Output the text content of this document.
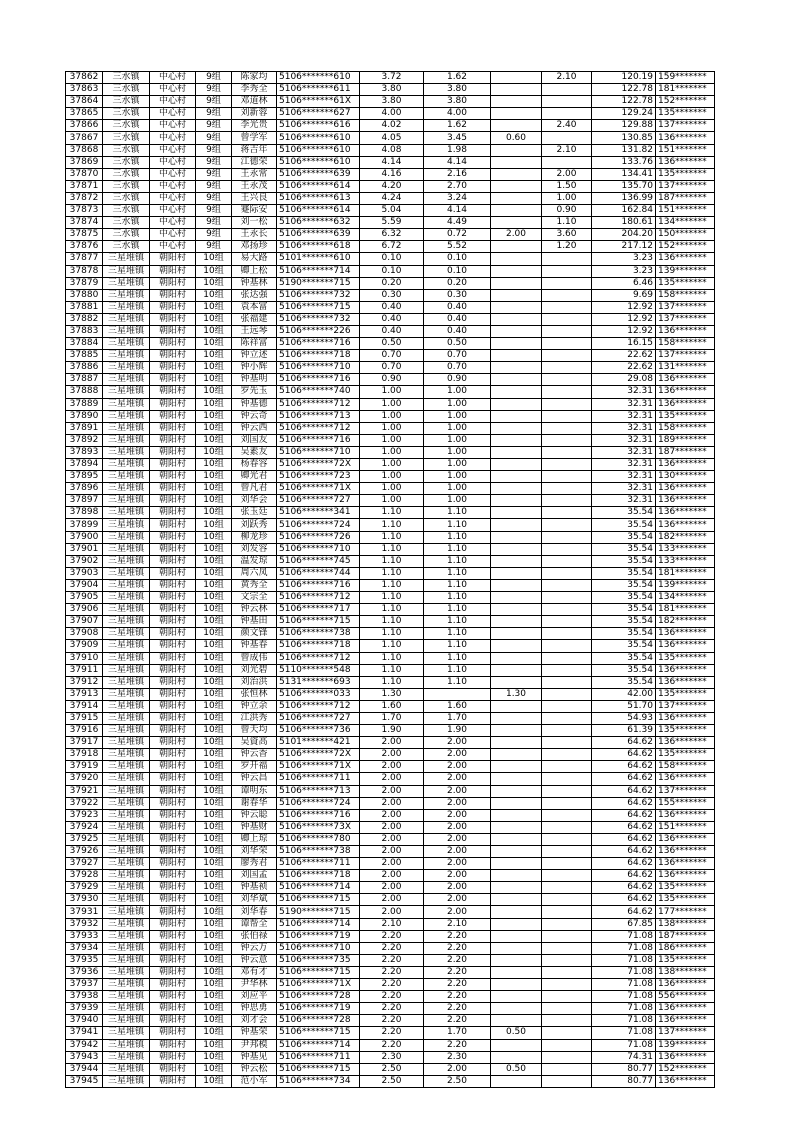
37862	三水镇	中心村	9组	陈家均	5106*******610	3.72	1.62		2.10	120.19	159*******
37863	三水镇	中心村	9组	李秀全	5106*******611	3.80	3.80			122.78	181*******
37864	三水镇	中心村	9组	邓道林	5106*******61X	3.80	3.80			122.78	152*******
37865	三水镇	中心村	9组	刘新蓉	5106*******627	4.00	4.00			129.24	135*******
37866	三水镇	中心村	9组	李光贵	5106*******616	4.02	1.62		2.40	129.88	137*******
37867	三水镇	中心村	9组	曾学军	5106*******610	4.05	3.45	0.60		130.85	136*******
37868	三水镇	中心村	9组	蒋吉年	5106*******610	4.08	1.98		2.10	131.82	151*******
37869	三水镇	中心村	9组	江德荣	5106*******610	4.14	4.14			133.76	136*******
37870	三水镇	中心村	9组	王永常	5106*******639	4.16	2.16		2.00	134.41	135*******
37871	三水镇	中心村	9组	王永茂	5106*******614	4.20	2.70		1.50	135.70	137*******
37872	三水镇	中心村	9组	王兴良	5106*******613	4.24	3.24		1.00	136.99	187*******
37873	三水镇	中心村	9组	蹇际安	5106*******614	5.04	4.14		0.90	162.84	151*******
37874	三水镇	中心村	9组	刘一松	5106*******632	5.59	4.49		1.10	180.61	134*******
37875	三水镇	中心村	9组	王永长	5106*******639	6.32	0.72	2.00	3.60	204.20	150*******
37876	三水镇	中心村	9组	邓扬珍	5106*******618	6.72	5.52		1.20	217.12	152*******
37877	三星堆镇	朝阳村	10组	易大路	5101*******610	0.10	0.10			3.23	136*******
37878	三星堆镇	朝阳村	10组	卿上松	5106*******714	0.10	0.10			3.23	139*******
37879	三星堆镇	朝阳村	10组	钟基林	5190*******715	0.20	0.20			6.46	135*******
37880	三星堆镇	朝阳村	10组	张达强	5106*******732	0.30	0.30			9.69	158*******
37881	三星堆镇	朝阳村	10组	袁本富	5106*******715	0.40	0.40			12.92	137*******
37882	三星堆镇	朝阳村	10组	张福建	5106*******732	0.40	0.40			12.92	137*******
37883	三星堆镇	朝阳村	10组	王远琴	5106*******226	0.40	0.40			12.92	136*******
37884	三星堆镇	朝阳村	10组	陈祥富	5106*******716	0.50	0.50			16.15	158*******
37885	三星堆镇	朝阳村	10组	钟立述	5106*******718	0.70	0.70			22.62	137*******
37886	三星堆镇	朝阳村	10组	钟小辉	5106*******710	0.70	0.70			22.62	131*******
37887	三星堆镇	朝阳村	10组	钟基明	5106*******716	0.90	0.90			29.08	136*******
37888	三星堆镇	朝阳村	10组	罗先玉	5106*******740	1.00	1.00			32.31	136*******
37889	三星堆镇	朝阳村	10组	钟基德	5106*******712	1.00	1.00			32.31	136*******
37890	三星堆镇	朝阳村	10组	钟云奇	5106*******713	1.00	1.00			32.31	135*******
37891	三星堆镇	朝阳村	10组	钟云西	5106*******712	1.00	1.00			32.31	158*******
37892	三星堆镇	朝阳村	10组	刘国友	5106*******716	1.00	1.00			32.31	189*******
37893	三星堆镇	朝阳村	10组	吴素友	5106*******710	1.00	1.00			32.31	187*******
37894	三星堆镇	朝阳村	10组	杨春容	5106*******72X	1.00	1.00			32.31	136*******
37895	三星堆镇	朝阳村	10组	卿光君	5106*******723	1.00	1.00			32.31	130*******
37896	三星堆镇	朝阳村	10组	曾凡君	5106*******71X	1.00	1.00			32.31	136*******
37897	三星堆镇	朝阳村	10组	刘华会	5106*******727	1.00	1.00			32.31	136*******
37898	三星堆镇	朝阳村	10组	张玉廷	5106*******341	1.10	1.10			35.54	136*******
37899	三星堆镇	朝阳村	10组	刘跃秀	5106*******724	1.10	1.10			35.54	136*******
37900	三星堆镇	朝阳村	10组	柳龙珍	5106*******726	1.10	1.10			35.54	182*******
37901	三星堆镇	朝阳村	10组	刘发容	5106*******710	1.10	1.10			35.54	133*******
37902	三星堆镇	朝阳村	10组	温发琼	5106*******745	1.10	1.10			35.54	133*******
37903	三星堆镇	朝阳村	10组	周六凤	5106*******744	1.10	1.10			35.54	181*******
37904	三星堆镇	朝阳村	10组	黄秀全	5106*******716	1.10	1.10			35.54	139*******
37905	三星堆镇	朝阳村	10组	文宗全	5106*******712	1.10	1.10			35.54	134*******
37906	三星堆镇	朝阳村	10组	钟云林	5106*******717	1.10	1.10			35.54	181*******
37907	三星堆镇	朝阳村	10组	钟基田	5106*******715	1.10	1.10			35.54	182*******
37908	三星堆镇	朝阳村	10组	颜文锋	5106*******738	1.10	1.10			35.54	136*******
37909	三星堆镇	朝阳村	10组	钟基春	5106*******718	1.10	1.10			35.54	136*******
37910	三星堆镇	朝阳村	10组	曾成伟	5106*******712	1.10	1.10			35.54	135*******
37911	三星堆镇	朝阳村	10组	刘光碧	5110*******548	1.10	1.10			35.54	136*******
37912	三星堆镇	朝阳村	10组	刘治洪	5131*******693	1.10	1.10			35.54	136*******
37913	三星堆镇	朝阳村	10组	张恒林	5106*******033	1.30		1.30		42.00	135*******
37914	三星堆镇	朝阳村	10组	钟立余	5106*******712	1.60	1.60			51.70	137*******
37915	三星堆镇	朝阳村	10组	江洪秀	5106*******727	1.70	1.70			54.93	136*******
37916	三星堆镇	朝阳村	10组	曾天均	5106*******736	1.90	1.90			61.39	135*******
37917	三星堆镇	朝阳村	10组	吴資高	5101*******421	2.00	2.00			64.62	136*******
37918	三星堆镇	朝阳村	10组	钟云香	5106*******72X	2.00	2.00			64.62	135*******
37919	三星堆镇	朝阳村	10组	罗开福	5106*******71X	2.00	2.00			64.62	158*******
37920	三星堆镇	朝阳村	10组	钟云昌	5106*******711	2.00	2.00			64.62	136*******
37921	三星堆镇	朝阳村	10组	谭明东	5106*******713	2.00	2.00			64.62	137*******
37922	三星堆镇	朝阳村	10组	谢春华	5106*******724	2.00	2.00			64.62	155*******
37923	三星堆镇	朝阳村	10组	钟云聪	5106*******716	2.00	2.00			64.62	136*******
37924	三星堆镇	朝阳村	10组	钟基财	5106*******73X	2.00	2.00			64.62	151*******
37925	三星堆镇	朝阳村	10组	卿上琼	5106*******780	2.00	2.00			64.62	136*******
37926	三星堆镇	朝阳村	10组	刘华荣	5106*******738	2.00	2.00			64.62	136*******
37927	三星堆镇	朝阳村	10组	廖秀君	5106*******711	2.00	2.00			64.62	136*******
37928	三星堆镇	朝阳村	10组	刘国孟	5106*******718	2.00	2.00			64.62	136*******
37929	三星堆镇	朝阳村	10组	钟基祯	5106*******714	2.00	2.00			64.62	135*******
37930	三星堆镇	朝阳村	10组	刘华斌	5106*******715	2.00	2.00			64.62	135*******
37931	三星堆镇	朝阳村	10组	刘华春	5190*******715	2.00	2.00			64.62	177*******
37932	三星堆镇	朝阳村	10组	谭帮全	5106*******714	2.10	2.10			67.85	138*******
37933	三星堆镇	朝阳村	10组	张伯禄	5106*******719	2.20	2.20			71.08	187*******
37934	三星堆镇	朝阳村	10组	钟云万	5106*******710	2.20	2.20			71.08	186*******
37935	三星堆镇	朝阳村	10组	钟云意	5106*******735	2.20	2.20			71.08	135*******
37936	三星堆镇	朝阳村	10组	邓有才	5106*******715	2.20	2.20			71.08	138*******
37937	三星堆镇	朝阳村	10组	尹华林	5106*******71X	2.20	2.20			71.08	136*******
37938	三星堆镇	朝阳村	10组	刘应平	5106*******728	2.20	2.20			71.08	556*******
37939	三星堆镇	朝阳村	10组	钟思勇	5106*******719	2.20	2.20			71.08	136*******
37940	三星堆镇	朝阳村	10组	刘才会	5106*******728	2.20	2.20			71.08	136*******
37941	三星堆镇	朝阳村	10组	钟基荣	5106*******715	2.20	1.70	0.50		71.08	137*******
37942	三星堆镇	朝阳村	10组	尹邦模	5106*******714	2.20	2.20			71.08	139*******
37943	三星堆镇	朝阳村	10组	钟基见	5106*******711	2.30	2.30			74.31	136*******
37944	三星堆镇	朝阳村	10组	钟云松	5106*******715	2.50	2.00	0.50		80.77	152*******
37945	三星堆镇	朝阳村	10组	范小军	5106*******734	2.50	2.50			80.77	136*******
